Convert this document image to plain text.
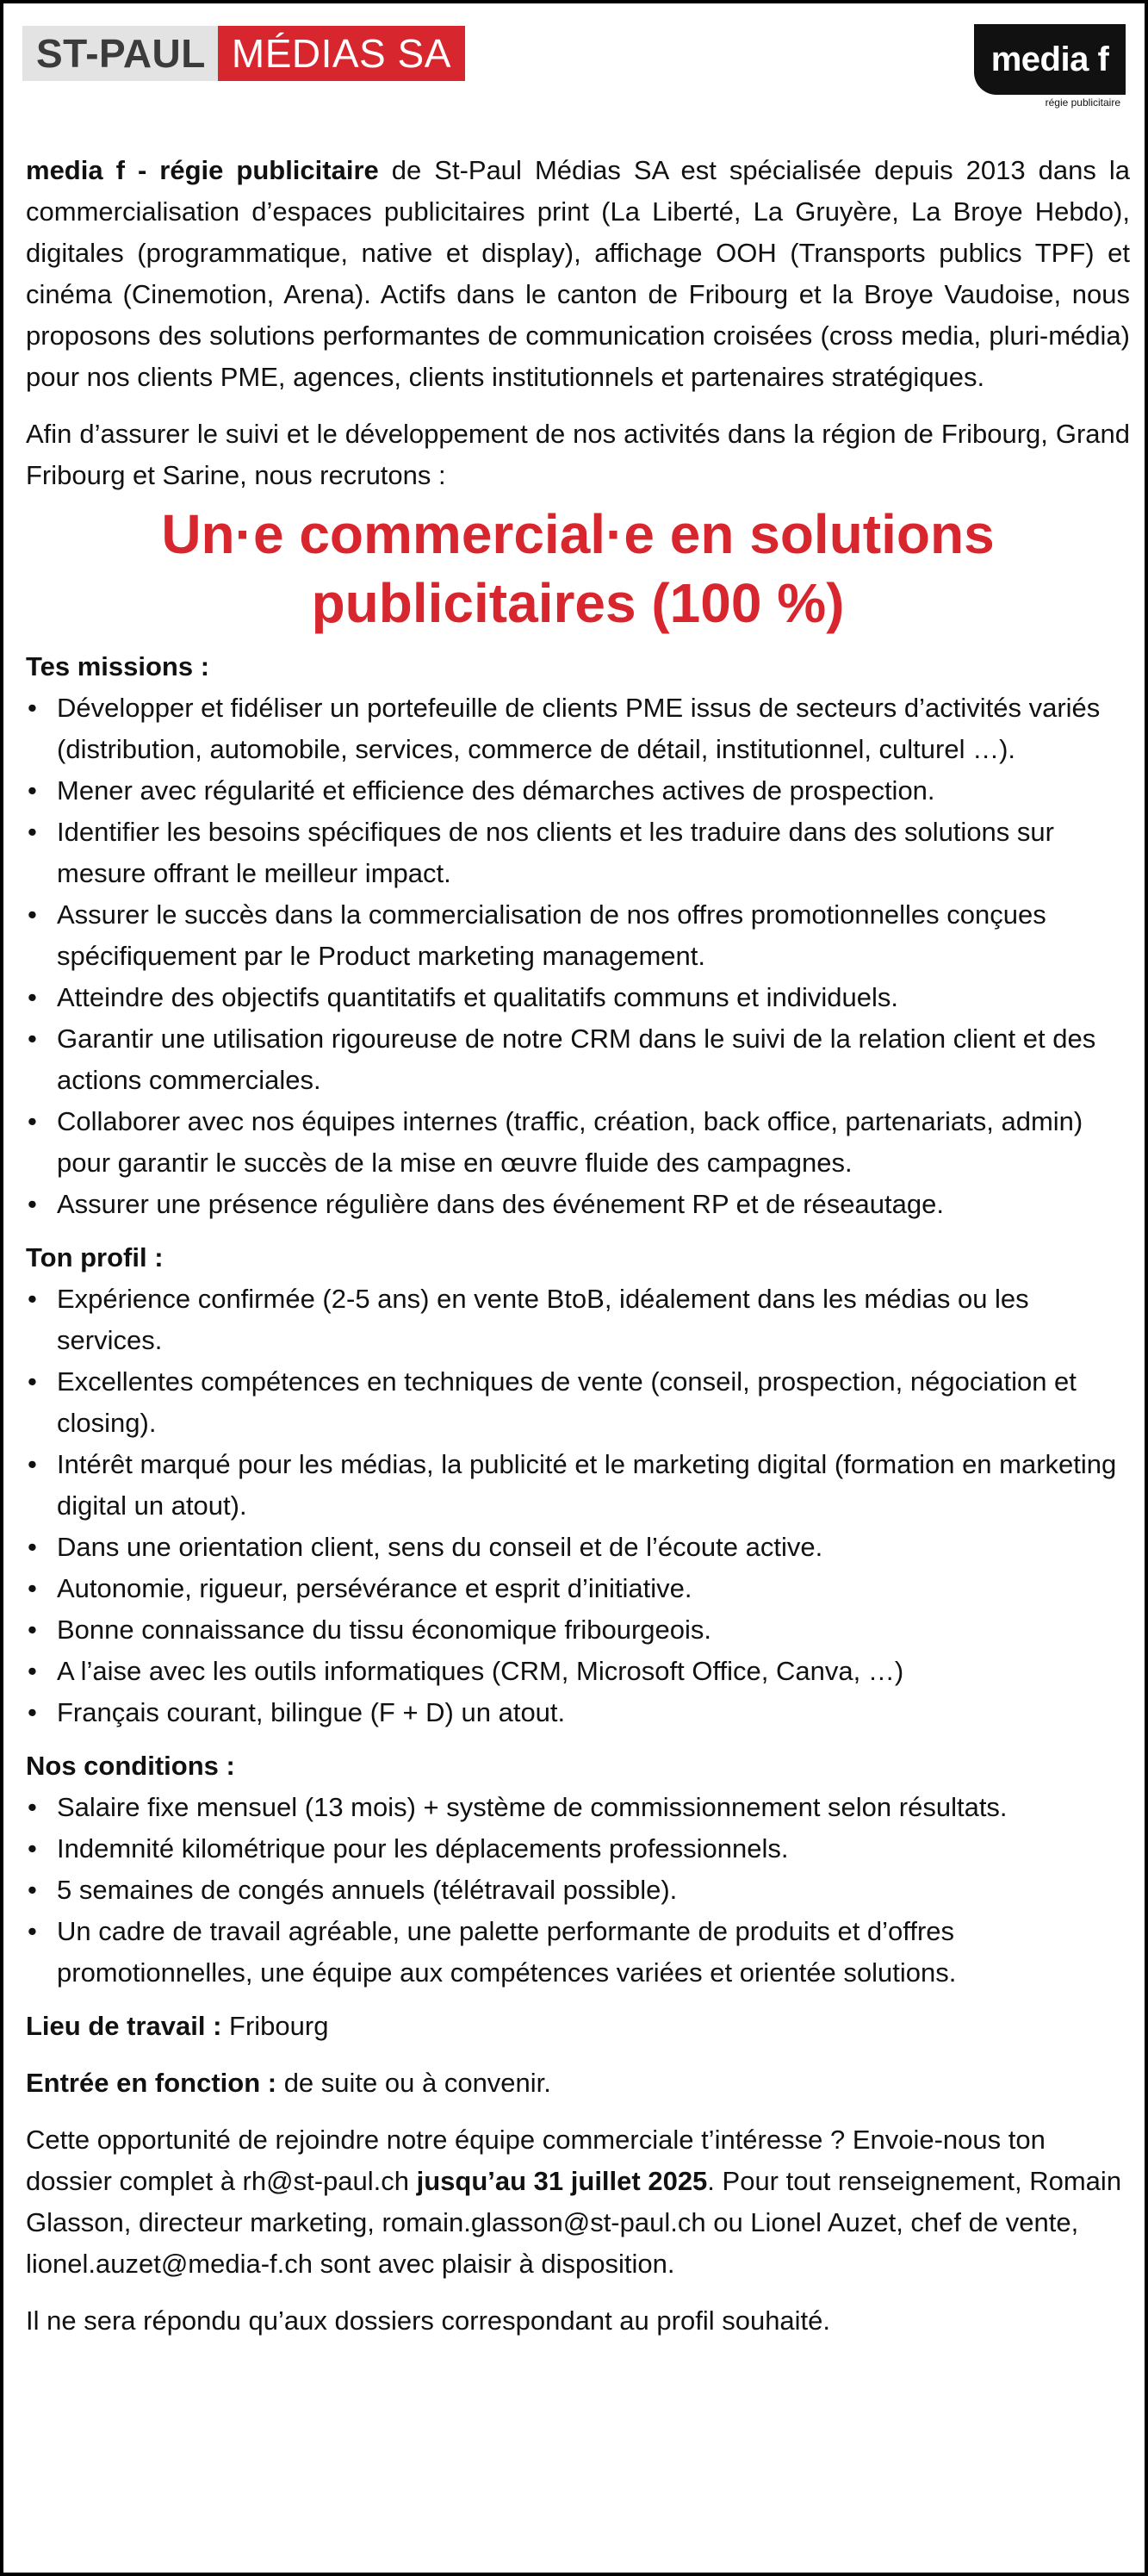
ST-PAUL MÉDIAS SA	media f
régie publicitaire

media f - régie publicitaire de St-Paul Médias SA est spécialisée depuis 2013 dans la commercialisation d’espaces publicitaires print (La Liberté, La Gruyère, La Broye Hebdo), digitales (programmatique, native et display), affichage OOH (Transports publics TPF) et cinéma (Cinemotion, Arena). Actifs dans le canton de Fribourg et la Broye Vaudoise, nous proposons des solutions performantes de communication croisées (cross media, pluri-média) pour nos clients PME, agences, clients institutionnels et partenaires stratégiques.

Afin d’assurer le suivi et le développement de nos activités dans la région de Fribourg, Grand Fribourg et Sarine, nous recrutons :

Un·e commercial·e en solutions
publicitaires (100 %)

Tes missions :

• Développer et fidéliser un portefeuille de clients PME issus de secteurs d’activités variés (distribution, automobile, services, commerce de détail, institutionnel, culturel …).
• Mener avec régularité et efficience des démarches actives de prospection.
• Identifier les besoins spécifiques de nos clients et les traduire dans des solutions sur mesure offrant le meilleur impact.
• Assurer le succès dans la commercialisation de nos offres promotionnelles conçues spécifiquement par le Product marketing management.
• Atteindre des objectifs quantitatifs et qualitatifs communs et individuels.
• Garantir une utilisation rigoureuse de notre CRM dans le suivi de la relation client et des actions commerciales.
• Collaborer avec nos équipes internes (traffic, création, back office, partenariats, admin) pour garantir le succès de la mise en œuvre fluide des campagnes.
• Assurer une présence régulière dans des événement RP et de réseautage.

Ton profil :

• Expérience confirmée (2-5 ans) en vente BtoB, idéalement dans les médias ou les services.
• Excellentes compétences en techniques de vente (conseil, prospection, négociation et closing).
• Intérêt marqué pour les médias, la publicité et le marketing digital (formation en marketing digital un atout).
• Dans une orientation client, sens du conseil et de l’écoute active.
• Autonomie, rigueur, persévérance et esprit d’initiative.
• Bonne connaissance du tissu économique fribourgeois.
• A l’aise avec les outils informatiques (CRM, Microsoft Office, Canva, …)
• Français courant, bilingue (F + D) un atout.

Nos conditions :

• Salaire fixe mensuel (13 mois) + système de commissionnement selon résultats.
• Indemnité kilométrique pour les déplacements professionnels.
• 5 semaines de congés annuels (télétravail possible).
• Un cadre de travail agréable, une palette performante de produits et d’offres promotionnelles, une équipe aux compétences variées et orientée solutions.

Lieu de travail : Fribourg

Entrée en fonction : de suite ou à convenir.

Cette opportunité de rejoindre notre équipe commerciale t’intéresse ? Envoie-nous ton dossier complet à rh@st-paul.ch jusqu’au 31 juillet 2025. Pour tout renseignement, Romain Glasson, directeur marketing, romain.glasson@st-paul.ch ou Lionel Auzet, chef de vente, lionel.auzet@media-f.ch sont avec plaisir à disposition.

Il ne sera répondu qu’aux dossiers correspondant au profil souhaité.
